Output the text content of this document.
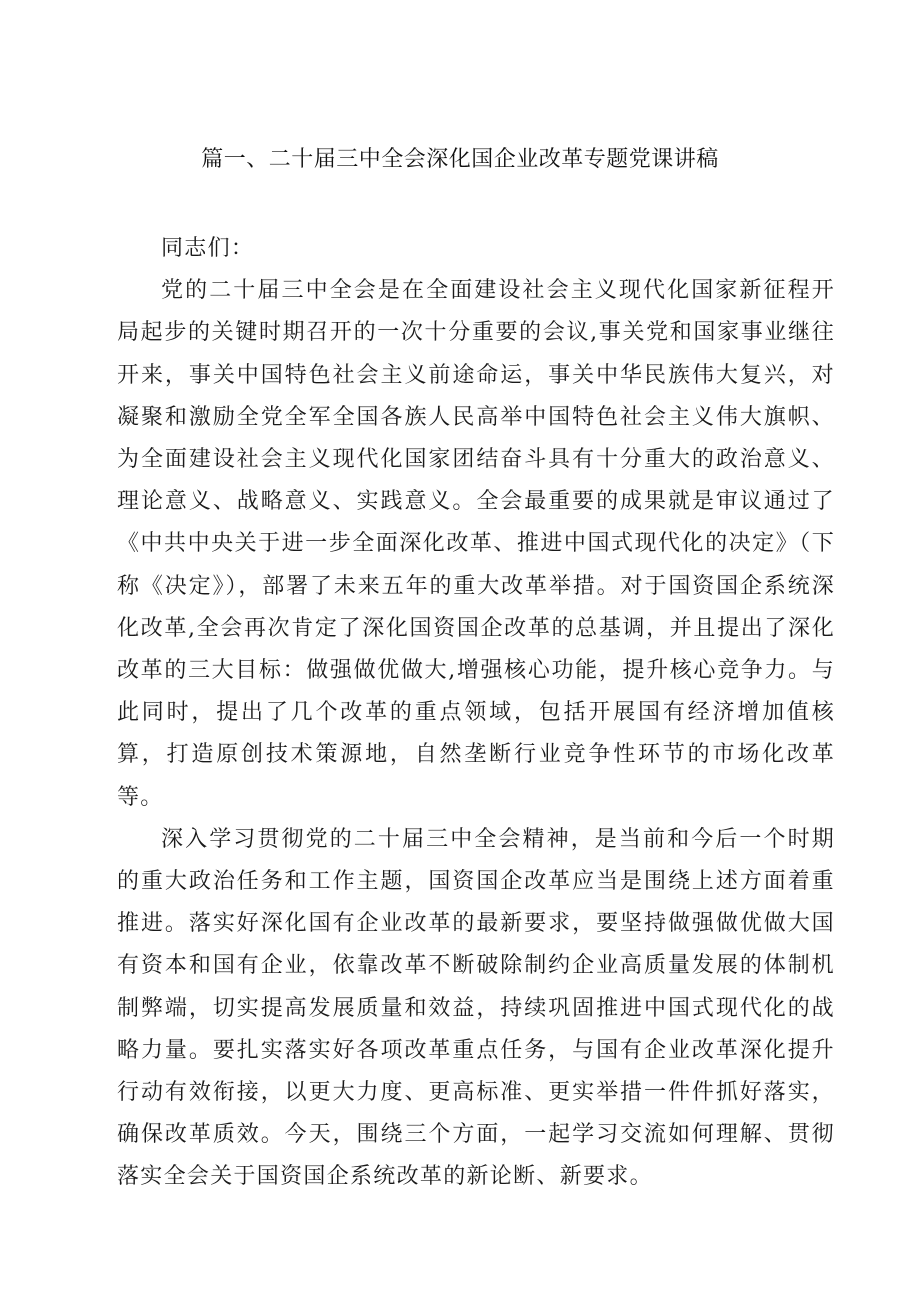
篇一、二十届三中全会深化国企业改革专题党课讲稿

同志们：

党的二十届三中全会是在全面建设社会主义现代化国家新征程开局起步的关键时期召开的一次十分重要的会议,事关党和国家事业继往开来，事关中国特色社会主义前途命运，事关中华民族伟大复兴，对凝聚和激励全党全军全国各族人民高举中国特色社会主义伟大旗帜、为全面建设社会主义现代化国家团结奋斗具有十分重大的政治意义、理论意义、战略意义、实践意义。全会最重要的成果就是审议通过了《中共中央关于进一步全面深化改革、推进中国式现代化的决定》（下称《决定》），部署了未来五年的重大改革举措。对于国资国企系统深化改革,全会再次肯定了深化国资国企改革的总基调，并且提出了深化改革的三大目标：做强做优做大,增强核心功能，提升核心竞争力。与此同时，提出了几个改革的重点领域，包括开展国有经济增加值核算，打造原创技术策源地，自然垄断行业竞争性环节的市场化改革等。

深入学习贯彻党的二十届三中全会精神，是当前和今后一个时期的重大政治任务和工作主题，国资国企改革应当是围绕上述方面着重推进。落实好深化国有企业改革的最新要求，要坚持做强做优做大国有资本和国有企业，依靠改革不断破除制约企业高质量发展的体制机制弊端，切实提高发展质量和效益，持续巩固推进中国式现代化的战略力量。要扎实落实好各项改革重点任务，与国有企业改革深化提升行动有效衔接，以更大力度、更高标准、更实举措一件件抓好落实，确保改革质效。今天，围绕三个方面，一起学习交流如何理解、贯彻落实全会关于国资国企系统改革的新论断、新要求。
